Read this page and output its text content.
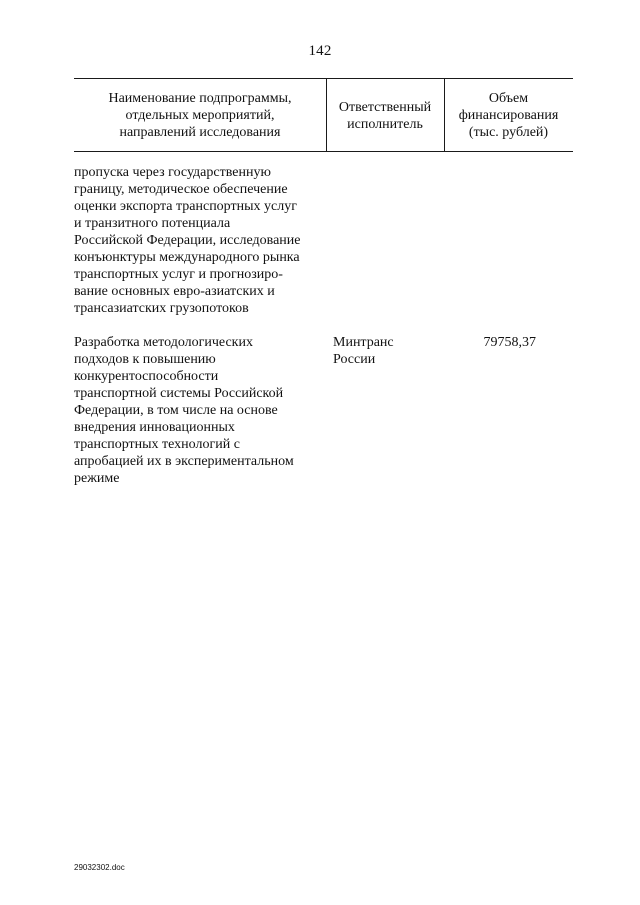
142
Наименование подпрограммы,
отдельных мероприятий,
направлений исследования
Ответственный
исполнитель
Объем
финансирования
(тыс. рублей)
пропуска через государственную
границу, методическое обеспечение
оценки экспорта транспортных услуг
и транзитного потенциала
Российской Федерации, исследование
конъюнктуры международного рынка
транспортных услуг и прогнозиро-
вание основных евро-азиатских и
трансазиатских грузопотоков
Разработка методологических
подходов к повышению
конкурентоспособности
транспортной системы Российской
Федерации, в том числе на основе
внедрения инновационных
транспортных технологий с
апробацией их в экспериментальном
режиме
Минтранс
России
79758,37
29032302.doc
